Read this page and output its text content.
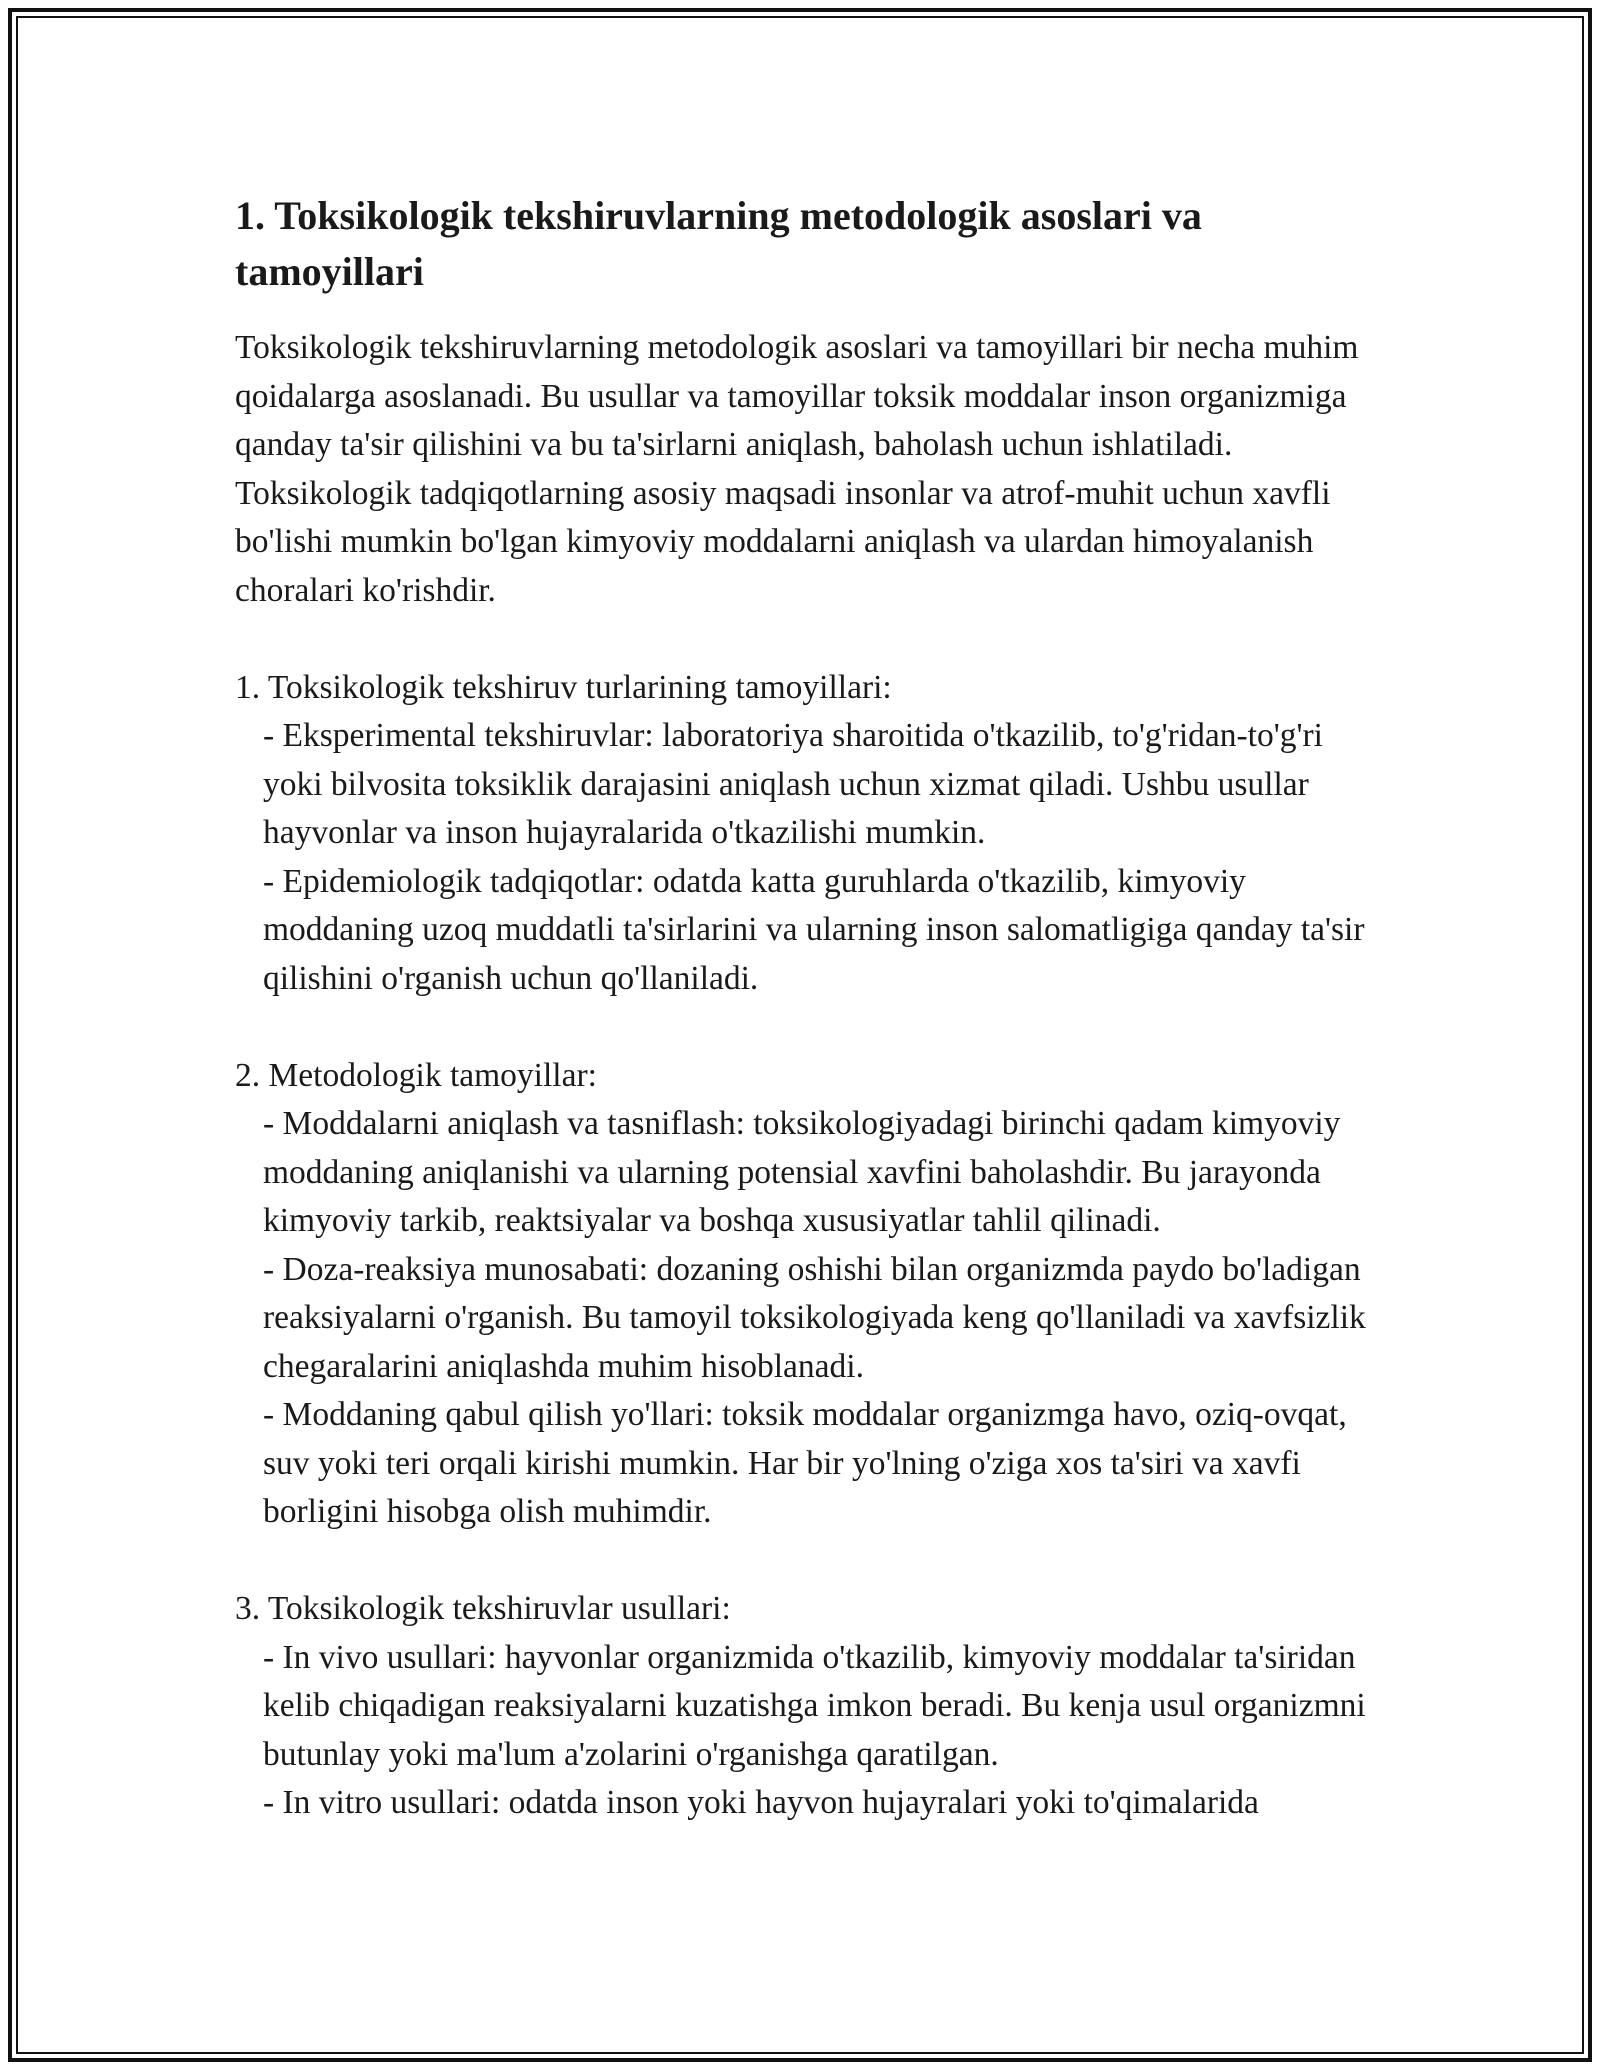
1. Toksikologik tekshiruvlarning metodologik asoslari va tamoyillari

Toksikologik tekshiruvlarning metodologik asoslari va tamoyillari bir necha muhim qoidalarga asoslanadi. Bu usullar va tamoyillar toksik moddalar inson organizmiga qanday ta'sir qilishini va bu ta'sirlarni aniqlash, baholash uchun ishlatiladi. Toksikologik tadqiqotlarning asosiy maqsadi insonlar va atrof-muhit uchun xavfli bo'lishi mumkin bo'lgan kimyoviy moddalarni aniqlash va ulardan himoyalanish choralari ko'rishdir.

1. Toksikologik tekshiruv turlarining tamoyillari:

- Eksperimental tekshiruvlar: laboratoriya sharoitida o'tkazilib, to'g'ridan-to'g'ri yoki bilvosita toksiklik darajasini aniqlash uchun xizmat qiladi. Ushbu usullar hayvonlar va inson hujayralarida o'tkazilishi mumkin.

- Epidemiologik tadqiqotlar: odatda katta guruhlarda o'tkazilib, kimyoviy moddaning uzoq muddatli ta'sirlarini va ularning inson salomatligiga qanday ta'sir qilishini o'rganish uchun qo'llaniladi.

2. Metodologik tamoyillar:

- Moddalarni aniqlash va tasniflash: toksikologiyadagi birinchi qadam kimyoviy moddaning aniqlanishi va ularning potensial xavfini baholashdir. Bu jarayonda kimyoviy tarkib, reaktsiyalar va boshqa xususiyatlar tahlil qilinadi.

- Doza-reaksiya munosabati: dozaning oshishi bilan organizmda paydo bo'ladigan reaksiyalarni o'rganish. Bu tamoyil toksikologiyada keng qo'llaniladi va xavfsizlik chegaralarini aniqlashda muhim hisoblanadi.

- Moddaning qabul qilish yo'llari: toksik moddalar organizmga havo, oziq-ovqat, suv yoki teri orqali kirishi mumkin. Har bir yo'lning o'ziga xos ta'siri va xavfi borligini hisobga olish muhimdir.

3. Toksikologik tekshiruvlar usullari:

- In vivo usullari: hayvonlar organizmida o'tkazilib, kimyoviy moddalar ta'siridan kelib chiqadigan reaksiyalarni kuzatishga imkon beradi. Bu kenja usul organizmni butunlay yoki ma'lum a'zolarini o'rganishga qaratilgan.

- In vitro usullari: odatda inson yoki hayvon hujayralari yoki to'qimalarida
